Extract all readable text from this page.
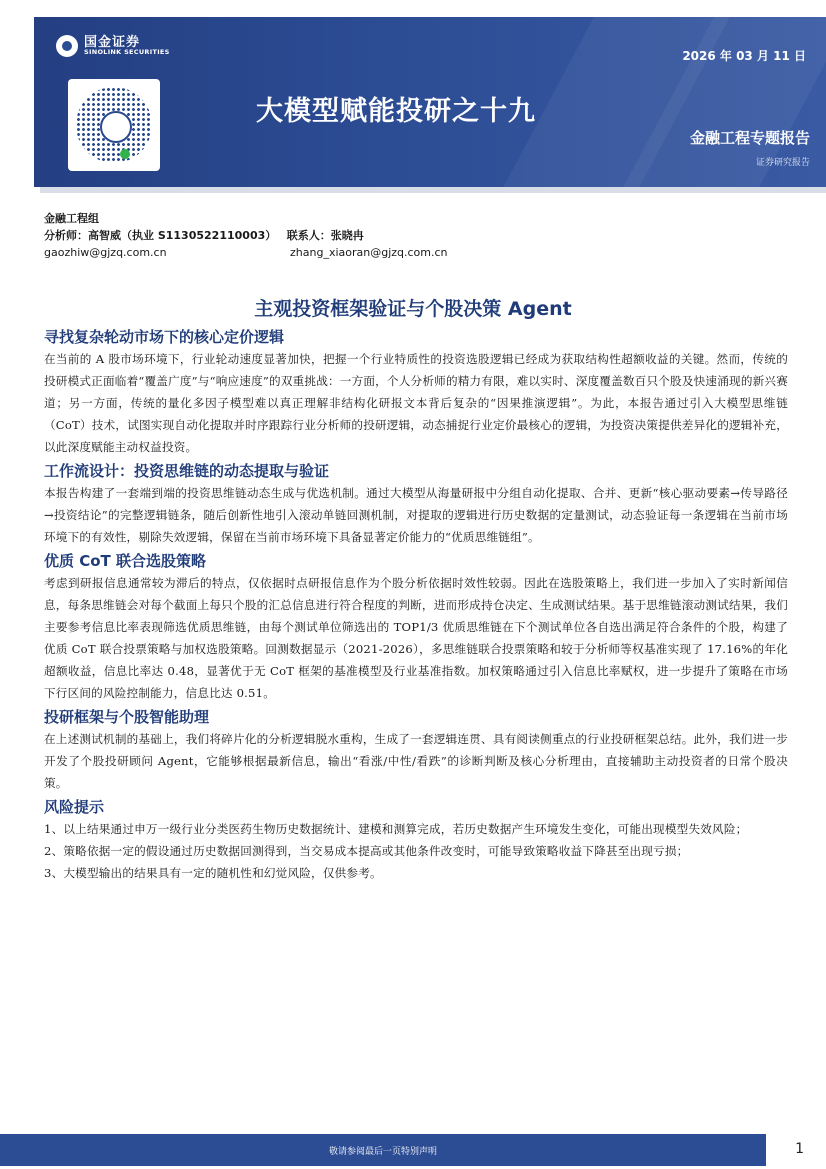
国金证券
SINOLINK SECURITIES	2026 年 03 月 11 日
大模型赋能投研之十九
金融工程专题报告
证券研究报告
金融工程组
分析师：高智威（执业 S1130522110003） 联系人：张晓冉
gaozhiw@gjzq.com.cn	zhang_xiaoran@gjzq.com.cn
主观投资框架验证与个股决策 Agent
寻找复杂轮动市场下的核心定价逻辑

在当前的 A 股市场环境下，行业轮动速度显著加快，把握一个行业特质性的投资选股逻辑已经成为获取结构性超额收益的关键。然而，传统的投研模式正面临着“覆盖广度”与“响应速度”的双重挑战：一方面，个人分析师的精力有限，难以实时、深度覆盖数百只个股及快速涌现的新兴赛道；另一方面，传统的量化多因子模型难以真正理解非结构化研报文本背后复杂的“因果推演逻辑”。为此，本报告通过引入大模型思维链（CoT）技术，试图实现自动化提取并时序跟踪行业分析师的投研逻辑，动态捕捉行业定价最核心的逻辑，为投资决策提供差异化的逻辑补充，以此深度赋能主动权益投资。

工作流设计：投资思维链的动态提取与验证

本报告构建了一套端到端的投资思维链动态生成与优选机制。通过大模型从海量研报中分组自动化提取、合并、更新“核心驱动要素→传导路径→投资结论”的完整逻辑链条，随后创新性地引入滚动单链回测机制，对提取的逻辑进行历史数据的定量测试，动态验证每一条逻辑在当前市场环境下的有效性，剔除失效逻辑，保留在当前市场环境下具备显著定价能力的“优质思维链组”。

优质 CoT 联合选股策略

考虑到研报信息通常较为滞后的特点，仅依据时点研报信息作为个股分析依据时效性较弱。因此在选股策略上，我们进一步加入了实时新闻信息，每条思维链会对每个截面上每只个股的汇总信息进行符合程度的判断，进而形成持仓决定、生成测试结果。基于思维链滚动测试结果，我们主要参考信息比率表现筛选优质思维链，由每个测试单位筛选出的 TOP1/3 优质思维链在下个测试单位各自选出满足符合条件的个股，构建了优质 CoT 联合投票策略与加权选股策略。回测数据显示（2021-2026），多思维链联合投票策略和较于分析师等权基准实现了 17.16%的年化超额收益，信息比率达 0.48，显著优于无 CoT 框架的基准模型及行业基准指数。加权策略通过引入信息比率赋权，进一步提升了策略在市场下行区间的风险控制能力，信息比达 0.51。

投研框架与个股智能助理

在上述测试机制的基础上，我们将碎片化的分析逻辑脱水重构，生成了一套逻辑连贯、具有阅读侧重点的行业投研框架总结。此外，我们进一步开发了个股投研顾问 Agent，它能够根据最新信息，输出“看涨/中性/看跌”的诊断判断及核心分析理由，直接辅助主动投资者的日常个股决策。

风险提示

1、以上结果通过申万一级行业分类医药生物历史数据统计、建模和测算完成，若历史数据产生环境发生变化，可能出现模型失效风险；

2、策略依据一定的假设通过历史数据回测得到，当交易成本提高或其他条件改变时，可能导致策略收益下降甚至出现亏损；

3、大模型输出的结果具有一定的随机性和幻觉风险，仅供参考。

敬请参阅最后一页特别声明	1
